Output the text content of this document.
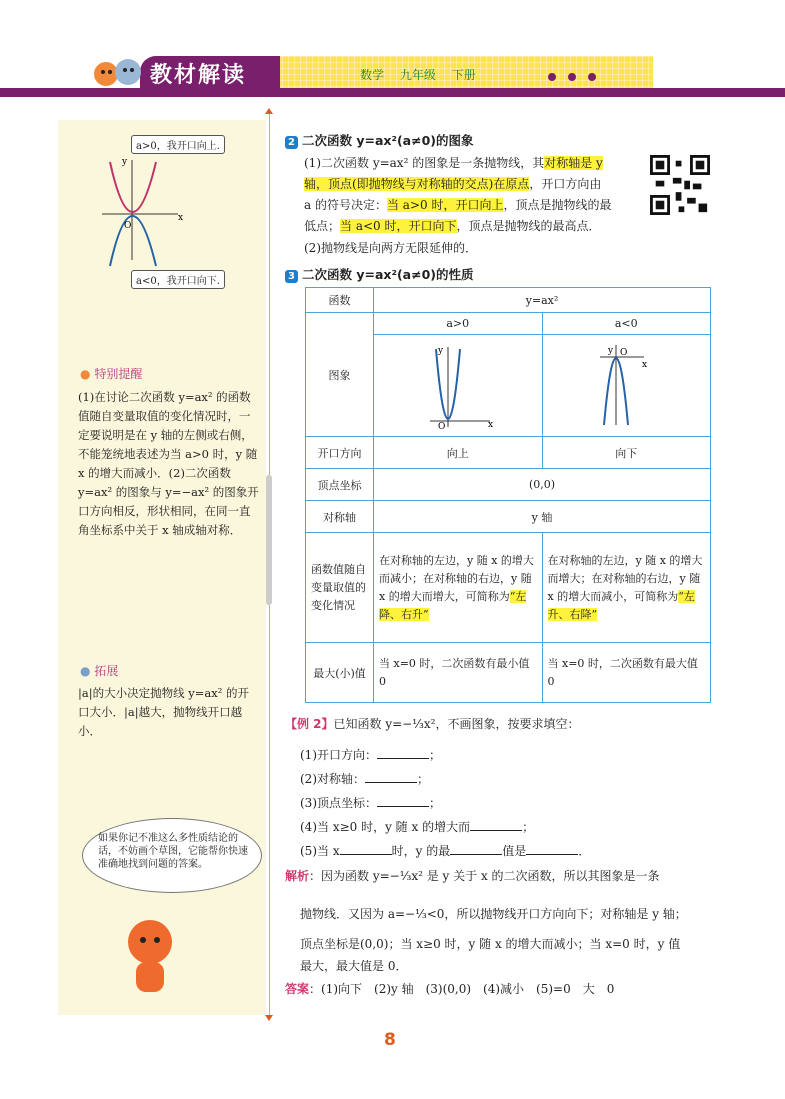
教材解读	数学 九年级 下册
a>0，我开口向上.
y
x
O
a<0，我开口向下.
● 特别提醒
(1)在讨论二次函数 y=ax² 的函数值随自变量取值的变化情况时，一定要说明是在 y 轴的左侧或右侧，不能笼统地表述为当 a>0 时，y 随 x 的增大而减小．(2)二次函数 y=ax² 的图象与 y=−ax² 的图象开口方向相反，形状相同，在同一直角坐标系中关于 x 轴成轴对称．
● 拓展
|a|的大小决定抛物线 y=ax² 的开口大小．|a|越大，抛物线开口越小．
如果你记不准这么多性质结论的话，不妨画个草图，它能帮你快速准确地找到问题的答案。
2 二次函数 y=ax²(a≠0)的图象
(1)二次函数 y=ax² 的图象是一条抛物线，其对称轴是 y
轴，顶点(即抛物线与对称轴的交点)在原点，开口方向由
a 的符号决定：当 a>0 时，开口向上，顶点是抛物线的最
低点；当 a<0 时，开口向下，顶点是抛物线的最高点．
(2)抛物线是向两方无限延伸的．
3 二次函数 y=ax²(a≠0)的性质
函数	y=ax²	
图象	a>0	a<0

y
x
O	y
x
O

开口方向	向上	向下
顶点坐标	(0,0)	
对称轴	y 轴	
函数值随自变量取值的变化情况	在对称轴的左边，y 随 x 的增大而减小；在对称轴的右边，y 随 x 的增大而增大，可简称为“左降、右升”	在对称轴的左边，y 随 x 的增大而增大；在对称轴的右边，y 随 x 的增大而减小，可简称为“左升、右降”
最大(小)值	当 x=0 时，二次函数有最小值 0	当 x=0 时，二次函数有最大值 0
【例 2】已知函数 y=−⅓x²，不画图象，按要求填空：
(1)开口方向：	；
(2)对称轴：	；
(3)顶点坐标：	；
(4)当 x≥0 时，y 随 x 的增大而	；
(5)当 x	时，y 的最	值是	．
解析：因为函数 y=−⅓x² 是 y 关于 x 的二次函数，所以其图象是一条
抛物线．又因为 a=−⅓<0，所以抛物线开口方向向下；对称轴是 y 轴；
顶点坐标是(0,0)；当 x≥0 时，y 随 x 的增大而减小；当 x=0 时，y 值
最大，最大值是 0．
答案：(1)向下　(2)y 轴　(3)(0,0)　(4)减小　(5)=0　大　0
8
